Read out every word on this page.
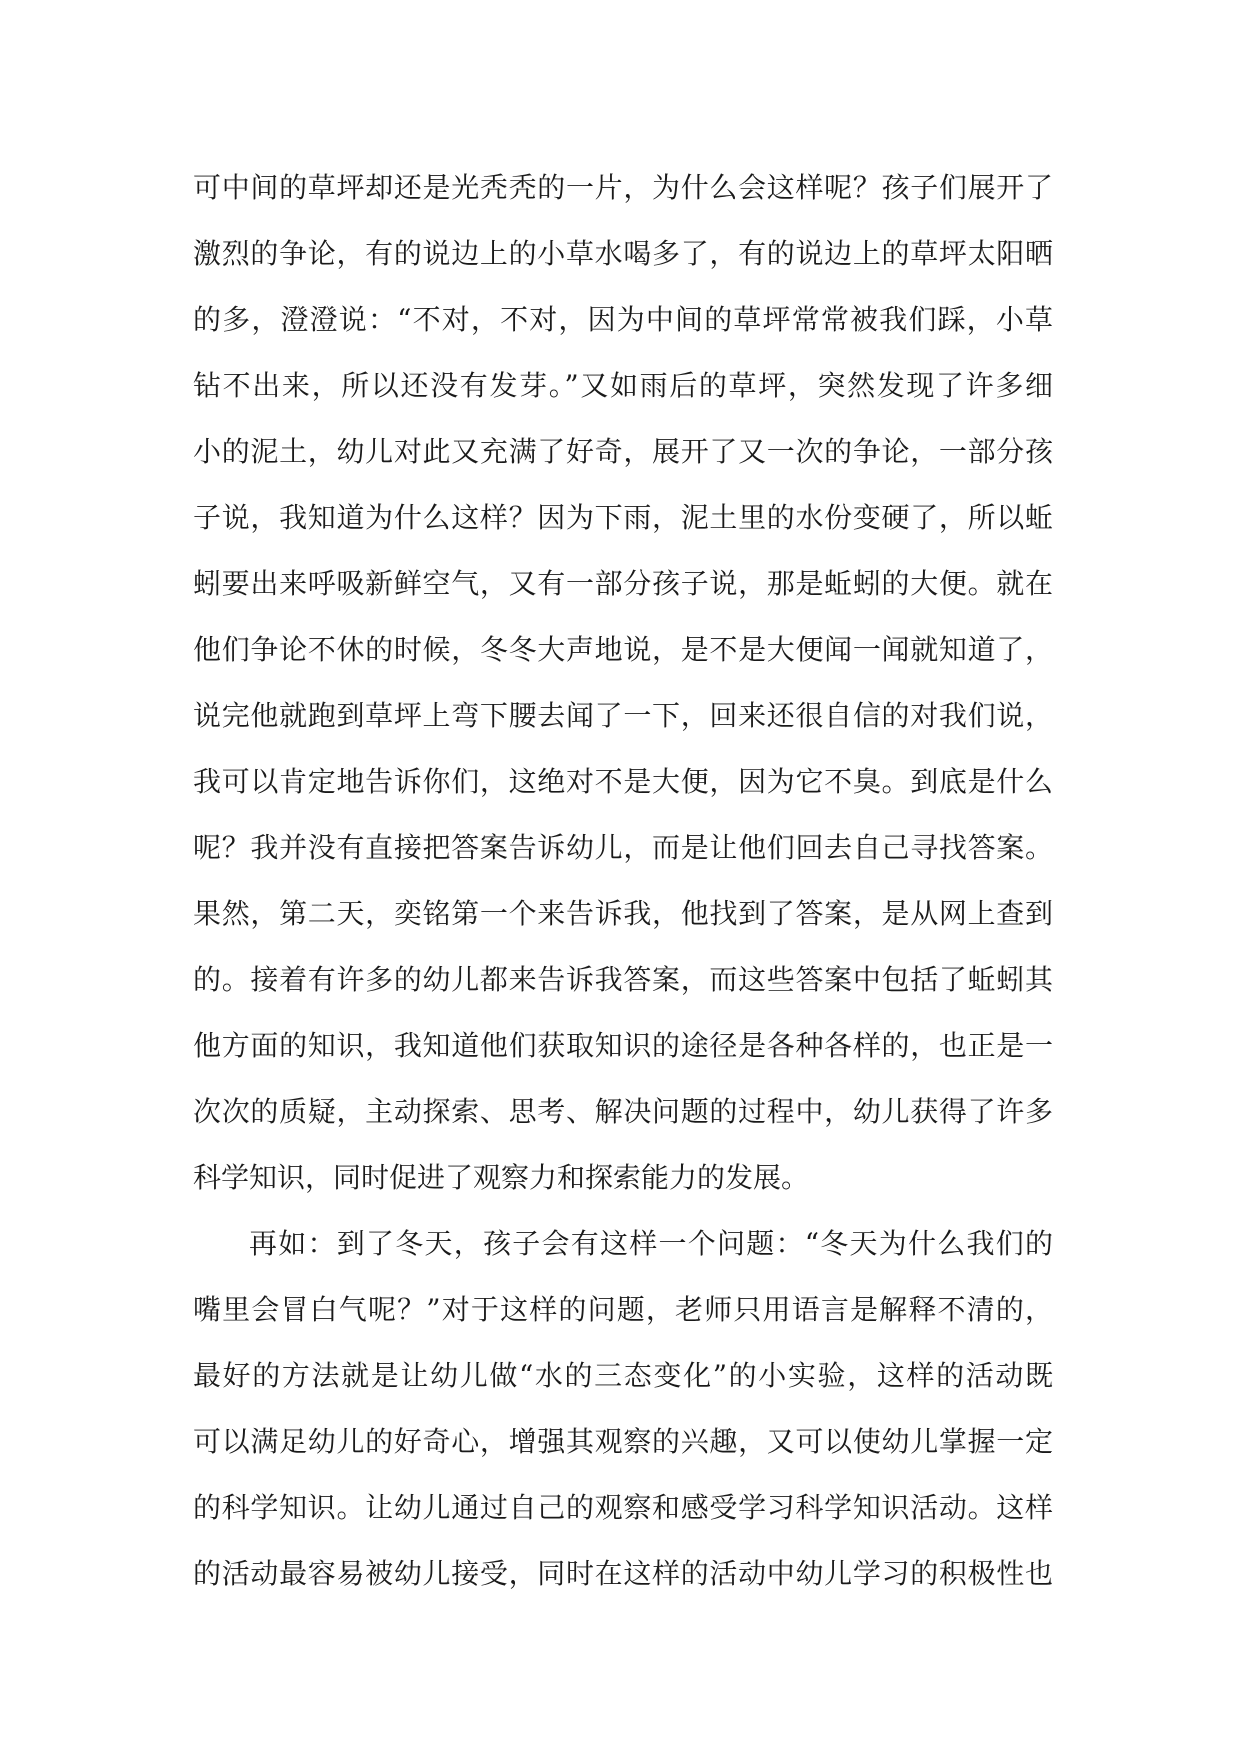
可中间的草坪却还是光秃秃的一片，为什么会这样呢？孩子们展开了
激烈的争论，有的说边上的小草水喝多了，有的说边上的草坪太阳晒
的多，澄澄说：“不对，不对，因为中间的草坪常常被我们踩，小草
钻不出来，所以还没有发芽。”又如雨后的草坪，突然发现了许多细
小的泥土，幼儿对此又充满了好奇，展开了又一次的争论，一部分孩
子说，我知道为什么这样？因为下雨，泥土里的水份变硬了，所以蚯
蚓要出来呼吸新鲜空气，又有一部分孩子说，那是蚯蚓的大便。就在
他们争论不休的时候，冬冬大声地说，是不是大便闻一闻就知道了，
说完他就跑到草坪上弯下腰去闻了一下，回来还很自信的对我们说，
我可以肯定地告诉你们，这绝对不是大便，因为它不臭。到底是什么
呢？我并没有直接把答案告诉幼儿，而是让他们回去自己寻找答案。
果然，第二天，奕铭第一个来告诉我，他找到了答案，是从网上查到
的。接着有许多的幼儿都来告诉我答案，而这些答案中包括了蚯蚓其
他方面的知识，我知道他们获取知识的途径是各种各样的，也正是一
次次的质疑，主动探索、思考、解决问题的过程中，幼儿获得了许多
科学知识，同时促进了观察力和探索能力的发展。
再如：到了冬天，孩子会有这样一个问题：“冬天为什么我们的
嘴里会冒白气呢？”对于这样的问题，老师只用语言是解释不清的，
最好的方法就是让幼儿做“水的三态变化”的小实验，这样的活动既
可以满足幼儿的好奇心，增强其观察的兴趣，又可以使幼儿掌握一定
的科学知识。让幼儿通过自己的观察和感受学习科学知识活动。这样
的活动最容易被幼儿接受，同时在这样的活动中幼儿学习的积极性也
